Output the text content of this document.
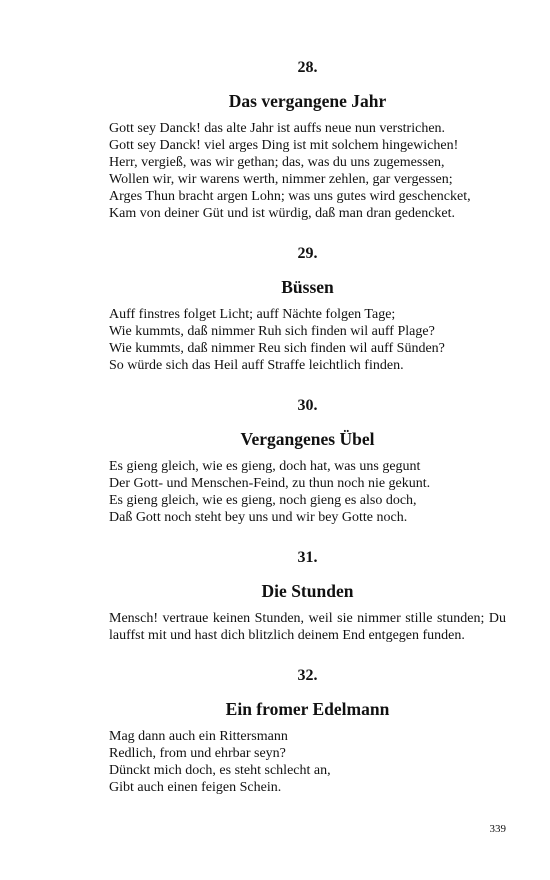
28.
Das vergangene Jahr
Gott sey Danck! das alte Jahr ist auffs neue nun verstrichen.
Gott sey Danck! viel arges Ding ist mit solchem hingewichen!
Herr, vergieß, was wir gethan; das, was du uns zugemessen,
Wollen wir, wir warens werth, nimmer zehlen, gar vergessen;
Arges Thun bracht argen Lohn; was uns gutes wird geschencket,
Kam von deiner Güt und ist würdig, daß man dran gedencket.
29.
Büssen
Auff finstres folget Licht; auff Nächte folgen Tage;
Wie kummts, daß nimmer Ruh sich finden wil auff Plage?
Wie kummts, daß nimmer Reu sich finden wil auff Sünden?
So würde sich das Heil auff Straffe leichtlich finden.
30.
Vergangenes Übel
Es gieng gleich, wie es gieng, doch hat, was uns gegunt
Der Gott- und Menschen-Feind, zu thun noch nie gekunt.
Es gieng gleich, wie es gieng, noch gieng es also doch,
Daß Gott noch steht bey uns und wir bey Gotte noch.
31.
Die Stunden
Mensch! vertraue keinen Stunden, weil sie nimmer stille stunden; Du lauffst mit und hast dich blitzlich deinem End entgegen funden.
32.
Ein fromer Edelmann
Mag dann auch ein Rittersmann
Redlich, from und ehrbar seyn?
Dünckt mich doch, es steht schlecht an,
Gibt auch einen feigen Schein.
339
